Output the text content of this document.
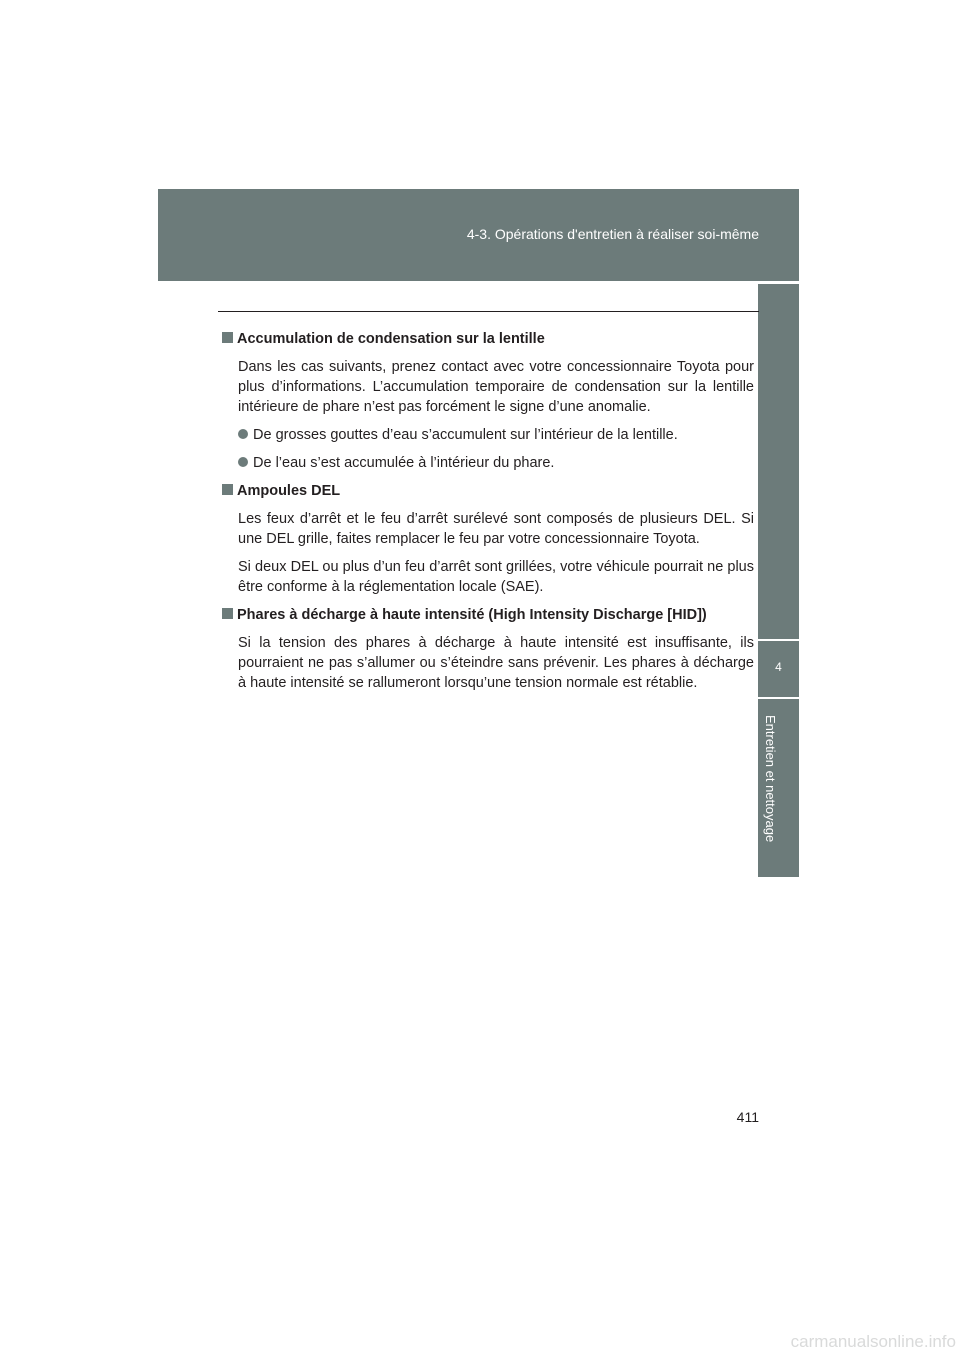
4-3. Opérations d'entretien à réaliser soi-même
4
Entretien et nettoyage
Accumulation de condensation sur la lentille
Dans les cas suivants, prenez contact avec votre concessionnaire Toyota pour plus d’informations. L’accumulation temporaire de condensation sur la lentille intérieure de phare n’est pas forcément le signe d’une anomalie.
De grosses gouttes d’eau s’accumulent sur l’intérieur de la lentille.
De l’eau s’est accumulée à l’intérieur du phare.
Ampoules DEL
Les feux d’arrêt et le feu d’arrêt surélevé sont composés de plusieurs DEL. Si une DEL grille, faites remplacer le feu par votre concessionnaire Toyota.
Si deux DEL ou plus d’un feu d’arrêt sont grillées, votre véhicule pourrait ne plus être conforme à la réglementation locale (SAE).
Phares à décharge à haute intensité (High Intensity Discharge [HID])
Si la tension des phares à décharge à haute intensité est insuffisante, ils pourraient ne pas s’allumer ou s’éteindre sans prévenir. Les phares à décharge à haute intensité se rallumeront lorsqu’une tension normale est rétablie.
411
carmanualsonline.info
